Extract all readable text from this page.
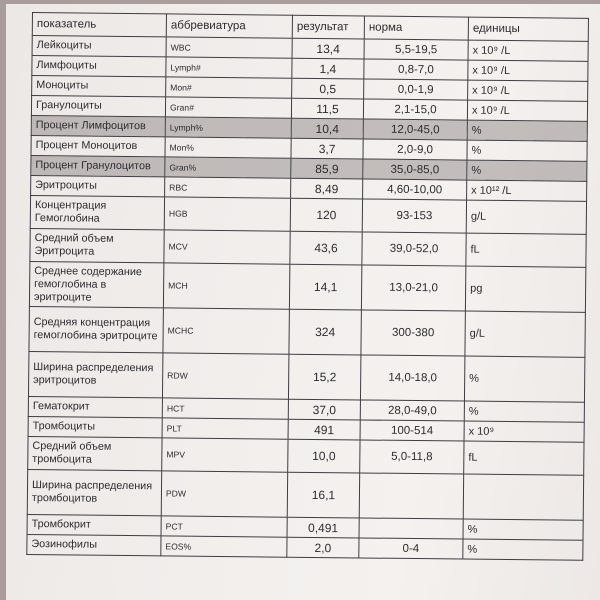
показатель	аббревиатура	результат	норма	единицы
Лейкоциты	WBC	13,4	5,5-19,5	x 10⁹ /L
Лимфоциты	Lymph#	1,4	0,8-7,0	x 10⁹ /L
Моноциты	Mon#	0,5	0,0-1,9	x 10⁹ /L
Гранулоциты	Gran#	11,5	2,1-15,0	x 10⁹ /L
Процент Лимфоцитов	Lymph%	10,4	12,0-45,0	%
Процент Моноцитов	Mon%	3,7	2,0-9,0	%
Процент Гранулоцитов	Gran%	85,9	35,0-85,0	%
Эритроциты	RBC	8,49	4,60-10,00	x 10¹² /L
Концентрация Гемоглобина	HGB	120	93-153	g/L
Средний объем Эритроцита	MCV	43,6	39,0-52,0	fL
Среднее содержание гемоглобина в эритроците	MCH	14,1	13,0-21,0	pg
Средняя концентрация гемоглобина эритроците	MCHC	324	300-380	g/L
Ширина распределения эритроцитов	RDW	15,2	14,0-18,0	%
Гематокрит	HCT	37,0	28,0-49,0	%
Тромбоциты	PLT	491	100-514	x 10⁹
Средний объем тромбоцита	MPV	10,0	5,0-11,8	fL
Ширина распределения тромбоцитов	PDW	16,1		
Тромбокрит	PCT	0,491		%
Эозинофилы	EOS%	2,0	0-4	%
